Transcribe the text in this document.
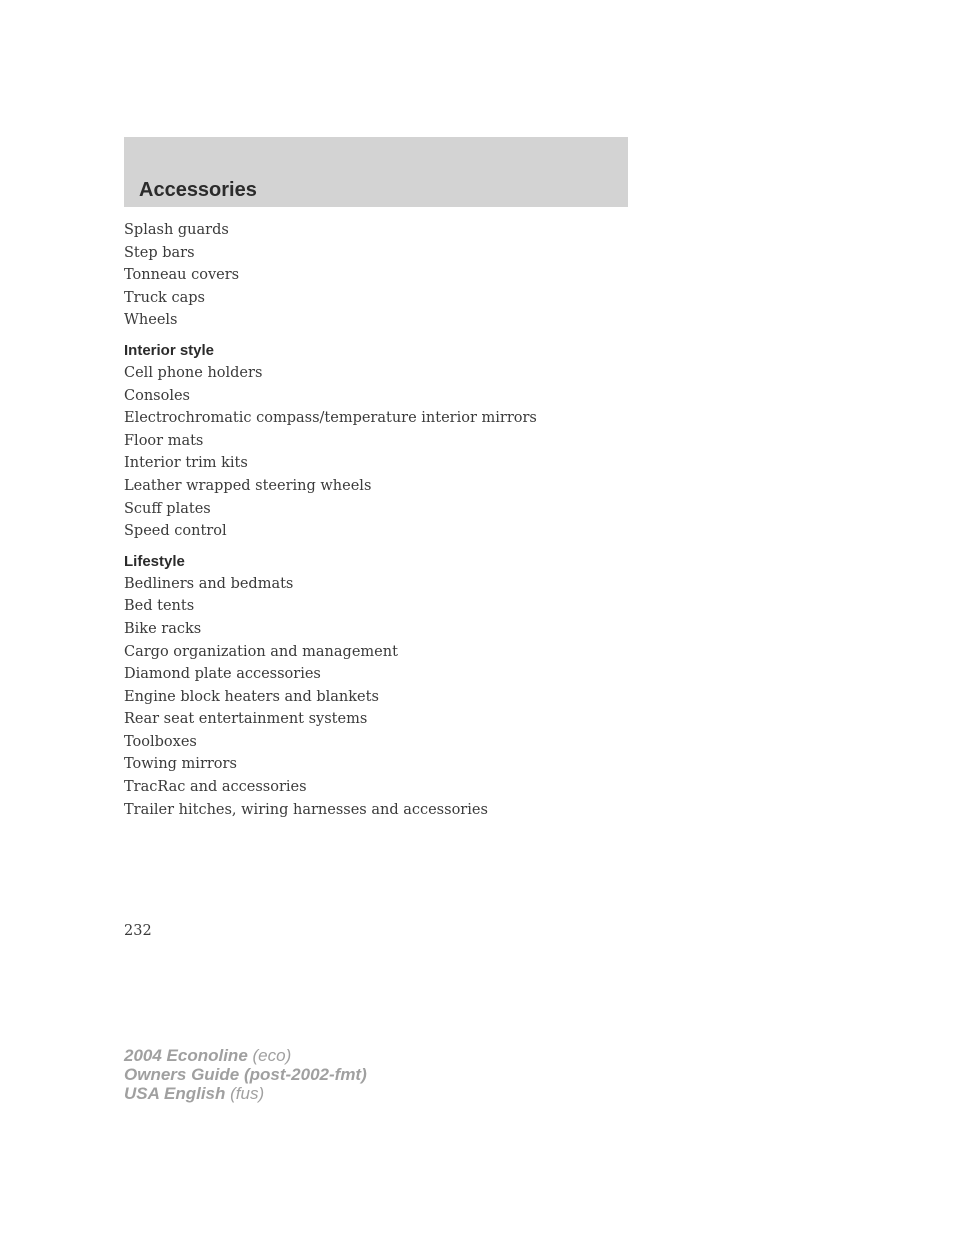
Accessories
Splash guards
Step bars
Tonneau covers
Truck caps
Wheels
Interior style
Cell phone holders
Consoles
Electrochromatic compass/temperature interior mirrors
Floor mats
Interior trim kits
Leather wrapped steering wheels
Scuff plates
Speed control
Lifestyle
Bedliners and bedmats
Bed tents
Bike racks
Cargo organization and management
Diamond plate accessories
Engine block heaters and blankets
Rear seat entertainment systems
Toolboxes
Towing mirrors
TracRac and accessories
Trailer hitches, wiring harnesses and accessories
232
2004 Econoline (eco)
Owners Guide (post-2002-fmt)
USA English (fus)
